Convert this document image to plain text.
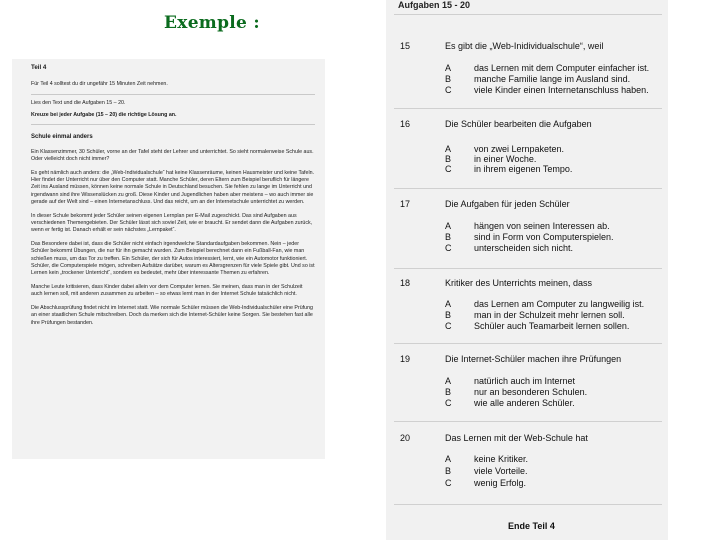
Exemple :
Teil 4

Für Teil 4 solltest du dir ungefähr 15 Minuten Zeit nehmen.

Lies den Text und die Aufgaben 15 – 20.

Kreuze bei jeder Aufgabe (15 – 20) die richtige Lösung an.

Schule einmal anders

Ein Klassenzimmer, 30 Schüler, vorne an der Tafel steht der Lehrer und unterrichtet. So sieht normalerweise Schule aus. Oder vielleicht doch nicht immer?

Es geht nämlich auch anders: die „Web-Individualschule“ hat keine Klassenräume, keinen Hausmeister und keine Tafeln. Hier findet der Unterricht nur über den Computer statt. Manche Schüler, deren Eltern zum Beispiel beruflich für längere Zeit ins Ausland müssen, können keine normale Schule in Deutschland besuchen. Sie fehlen zu lange im Unterricht und irgendwann sind ihre Wissenslücken zu groß. Diese Kinder und Jugendlichen haben aber meistens – wo auch immer sie gerade auf der Welt sind – einen Internetanschluss. Und das reicht, um an der Internetschule unterrichtet zu werden.

In dieser Schule bekommt jeder Schüler seinen eigenen Lernplan per E-Mail zugeschickt. Das sind Aufgaben aus verschiedenen Themengebieten. Der Schüler lässt sich soviel Zeit, wie er braucht. Er sendet dann die Aufgaben zurück, wenn er fertig ist. Danach erhält er sein nächstes „Lernpaket“.

Das Besondere dabei ist, dass die Schüler nicht einfach irgendwelche Standardaufgaben bekommen. Nein – jeder Schüler bekommt Übungen, die nur für ihn gemacht wurden. Zum Beispiel berechnet dann ein Fußball-Fan, wie man schießen muss, um das Tor zu treffen. Ein Schüler, der sich für Autos interessiert, lernt, wie ein Automotor funktioniert. Schüler, die Computerspiele mögen, schreiben Aufsätze darüber, warum es Altersgrenzen für viele Spiele gibt. Und so ist Lernen kein „trockener Unterricht“, sondern es bedeutet, mehr über interessante Themen zu erfahren.

Manche Leute kritisieren, dass Kinder dabei allein vor dem Computer lernen. Sie meinen, dass man in der Schulzeit auch lernen soll, mit anderen zusammen zu arbeiten – so etwas lernt man in der Internet Schule tatsächlich nicht.

Die Abschlussprüfung findet nicht im Internet statt. Wie normale Schüler müssen die Web-Individualschüler eine Prüfung an einer staatlichen Schule mitschreiben. Doch da merken sich die Internet-Schüler keine Sorgen. Sie bestehen fast alle ihre Prüfungen bestanden.

Aufgaben 15 - 20
15	Es gibt die „Web-Inidividualschule“, weil
A	das Lernen mit dem Computer einfacher ist.
B	manche Familie lange im Ausland sind.
C	viele Kinder einen Internetanschluss haben.
16	Die Schüler bearbeiten die Aufgaben
A	von zwei Lernpaketen.
B	in einer Woche.
C	in ihrem eigenen Tempo.
17	Die Aufgaben für jeden Schüler
A	hängen von seinen Interessen ab.
B	sind in Form von Computerspielen.
C	unterscheiden sich nicht.
18	Kritiker des Unterrichts meinen, dass
A	das Lernen am Computer zu langweilig ist.
B	man in der Schulzeit mehr lernen soll.
C	Schüler auch Teamarbeit lernen sollen.
19	Die Internet-Schüler machen ihre Prüfungen
A	natürlich auch im Internet
B	nur an besonderen Schulen.
C	wie alle anderen Schüler.
20	Das Lernen mit der Web-Schule hat
A	keine Kritiker.
B	viele Vorteile.
C	wenig Erfolg.
Ende Teil 4
